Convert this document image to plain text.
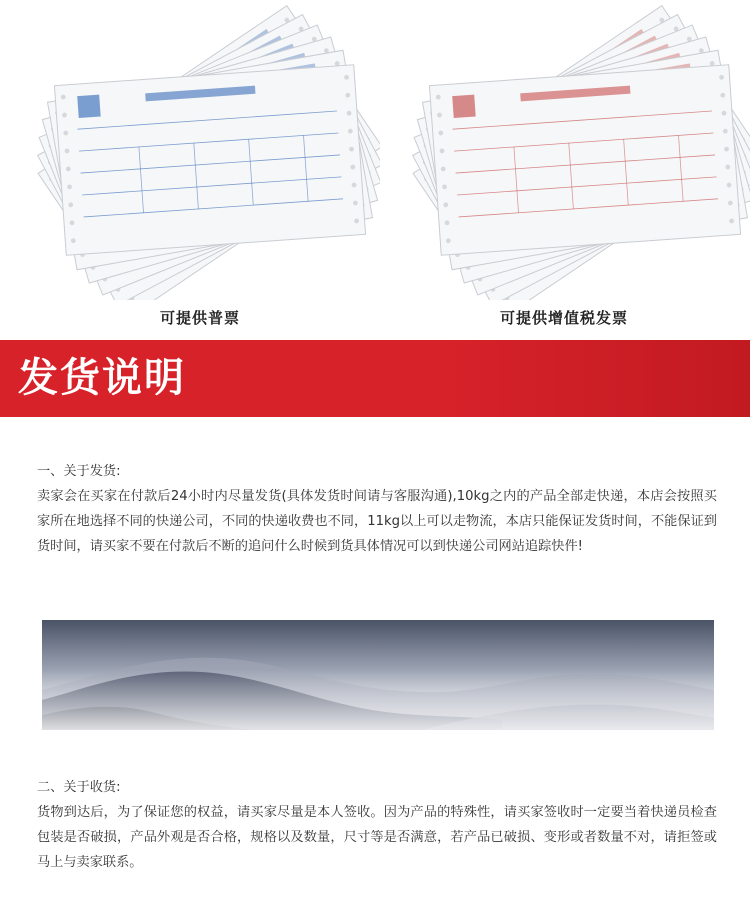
可提供普票	可提供增值税发票
发货说明
一、关于发货:
卖家会在买家在付款后24小时内尽量发货(具体发货时间请与客服沟通),10kg之内的产品全部走快递，本店会按照买家所在地选择不同的快递公司，不同的快递收费也不同，11kg以上可以走物流，本店只能保证发货时间，不能保证到货时间，请买家不要在付款后不断的追问什么时候到货具体情况可以到快递公司网站追踪快件!
二、关于收货:
货物到达后，为了保证您的权益，请买家尽量是本人签收。因为产品的特殊性，请买家签收时一定要当着快递员检查包装是否破损，产品外观是否合格，规格以及数量，尺寸等是否满意，若产品已破损、变形或者数量不对，请拒签或马上与卖家联系。
